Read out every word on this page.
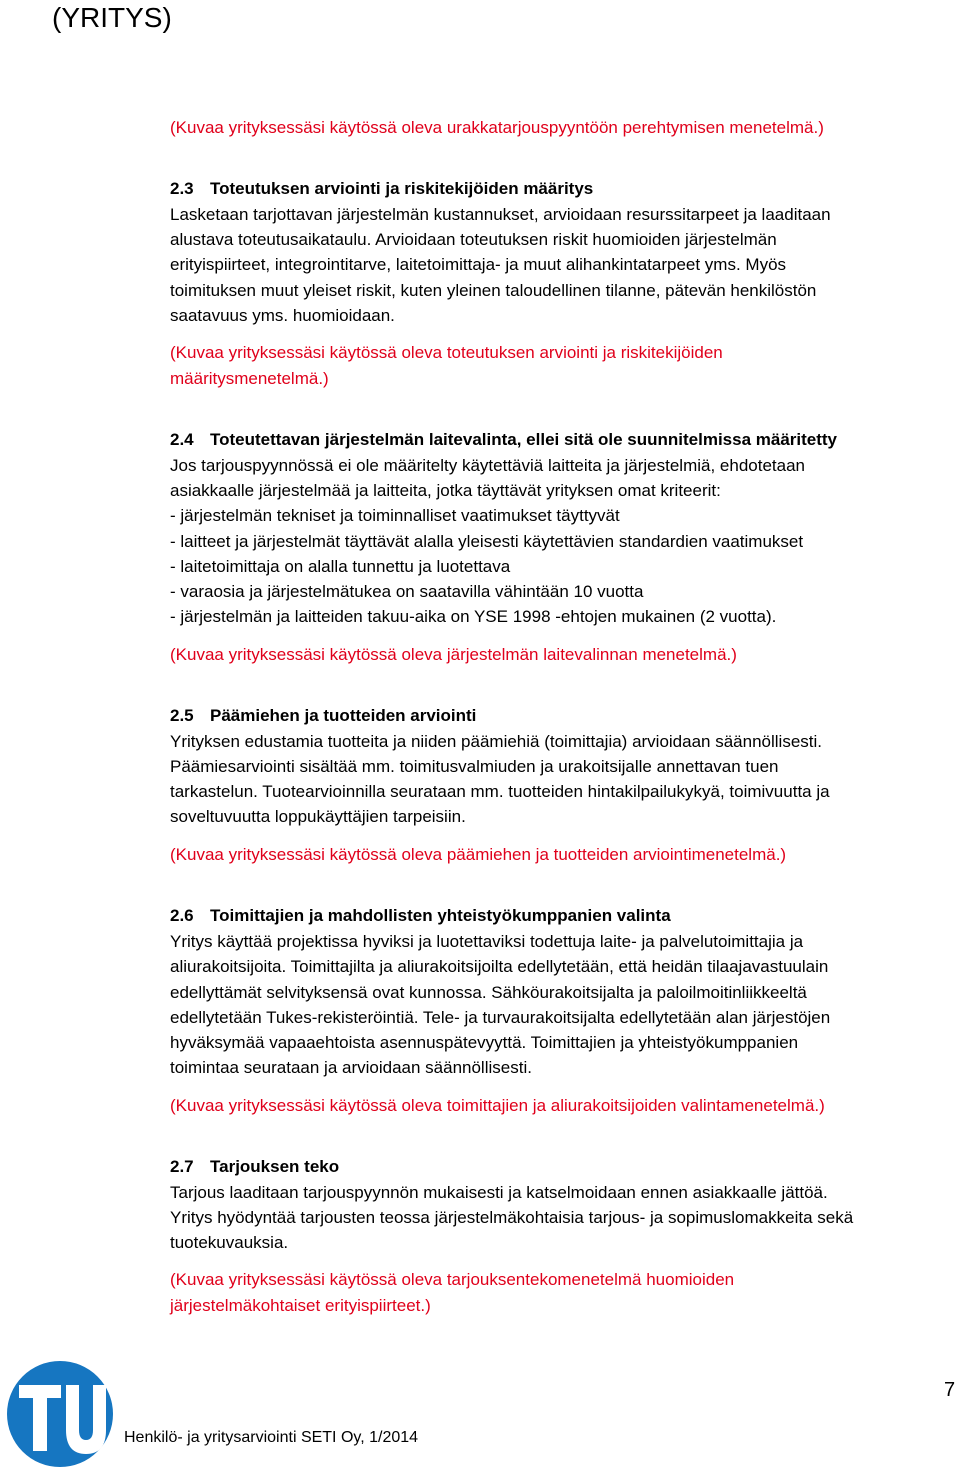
(YRITYS)
(Kuvaa yrityksessäsi käytössä oleva urakkatarjouspyyntöön perehtymisen menetelmä.)
2.3 Toteutuksen arviointi ja riskitekijöiden määritys
Lasketaan tarjottavan järjestelmän kustannukset, arvioidaan resurssitarpeet ja laaditaan
alustava toteutusaikataulu. Arvioidaan toteutuksen riskit huomioiden järjestelmän
erityispiirteet, integrointitarve, laitetoimittaja- ja muut alihankintatarpeet yms. Myös
toimituksen muut yleiset riskit, kuten yleinen taloudellinen tilanne, pätevän henkilöstön
saatavuus yms. huomioidaan.
(Kuvaa yrityksessäsi käytössä oleva toteutuksen arviointi ja riskitekijöiden
määritysmenetelmä.)
2.4 Toteutettavan järjestelmän laitevalinta, ellei sitä ole suunnitelmissa määritetty
Jos tarjouspyynnössä ei ole määritelty käytettäviä laitteita ja järjestelmiä, ehdotetaan
asiakkaalle järjestelmää ja laitteita, jotka täyttävät yrityksen omat kriteerit:
- järjestelmän tekniset ja toiminnalliset vaatimukset täyttyvät
- laitteet ja järjestelmät täyttävät alalla yleisesti käytettävien standardien vaatimukset
- laitetoimittaja on alalla tunnettu ja luotettava
- varaosia ja järjestelmätukea on saatavilla vähintään 10 vuotta
- järjestelmän ja laitteiden takuu-aika on YSE 1998 -ehtojen mukainen (2 vuotta).
(Kuvaa yrityksessäsi käytössä oleva järjestelmän laitevalinnan menetelmä.)
2.5 Päämiehen ja tuotteiden arviointi
Yrityksen edustamia tuotteita ja niiden päämiehiä (toimittajia) arvioidaan säännöllisesti.
Päämiesarviointi sisältää mm. toimitusvalmiuden ja urakoitsijalle annettavan tuen
tarkastelun. Tuotearvioinnilla seurataan mm. tuotteiden hintakilpailukykyä, toimivuutta ja
soveltuvuutta loppukäyttäjien tarpeisiin.
(Kuvaa yrityksessäsi käytössä oleva päämiehen ja tuotteiden arviointimenetelmä.)
2.6 Toimittajien ja mahdollisten yhteistyökumppanien valinta
Yritys käyttää projektissa hyviksi ja luotettaviksi todettuja laite- ja palvelutoimittajia ja
aliurakoitsijoita. Toimittajilta ja aliurakoitsijoilta edellytetään, että heidän tilaajavastuulain
edellyttämät selvityksensä ovat kunnossa. Sähköurakoitsijalta ja paloilmoitinliikkeeltä
edellytetään Tukes-rekisteröintiä. Tele- ja turvaurakoitsijalta edellytetään alan järjestöjen
hyväksymää vapaaehtoista asennuspätevyyttä. Toimittajien ja yhteistyökumppanien
toimintaa seurataan ja arvioidaan säännöllisesti.
(Kuvaa yrityksessäsi käytössä oleva toimittajien ja aliurakoitsijoiden valintamenetelmä.)
2.7 Tarjouksen teko
Tarjous laaditaan tarjouspyynnön mukaisesti ja katselmoidaan ennen asiakkaalle jättöä.
Yritys hyödyntää tarjousten teossa järjestelmäkohtaisia tarjous- ja sopimuslomakkeita sekä
tuotekuvauksia.
(Kuvaa yrityksessäsi käytössä oleva tarjouksentekomenetelmä huomioiden
järjestelmäkohtaiset erityispiirteet.)
Henkilö- ja yritysarviointi SETI Oy, 1/2014
7
